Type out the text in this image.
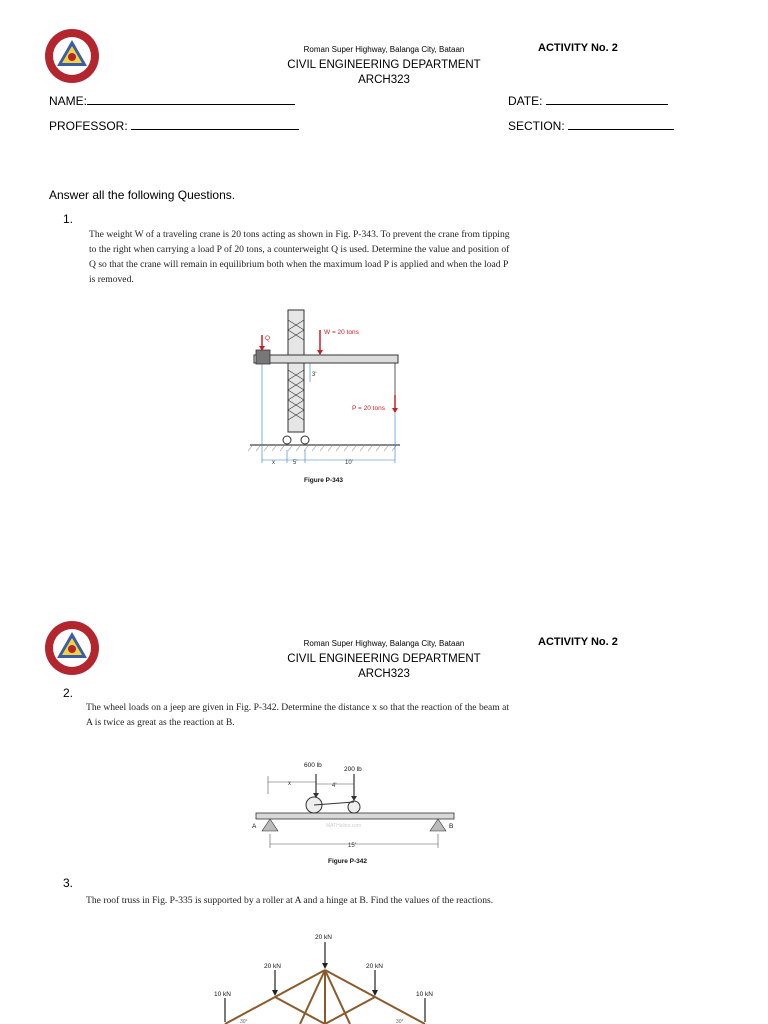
Roman Super Highway, Balanga City, Bataan
CIVIL ENGINEERING DEPARTMENT
ARCH323
ACTIVITY No. 2
NAME:	DATE:
PROFESSOR:	SECTION:
Answer all the following Questions.
1.
The weight W of a traveling crane is 20 tons acting as shown in Fig. P-343. To prevent the crane from tipping
to the right when carrying a load P of 20 tons, a counterweight Q is used. Determine the value and position of
Q so that the crane will remain in equilibrium both when the maximum load P is applied and when the load P
is removed.
Q
W = 20 tons
P = 20 tons
x	5'	10'
3'
Figure P-343
Roman Super Highway, Balanga City, Bataan
CIVIL ENGINEERING DEPARTMENT
ARCH323
ACTIVITY No. 2
2.
The wheel loads on a jeep are given in Fig. P-342. Determine the distance x so that the reaction of the beam at
A is twice as great as the reaction at B.
A	B
600 lb
200 lb
x	4'
15'
MATHalino.com
Figure P-342
3.
The roof truss in Fig. P-335 is supported by a roller at A and a hinge at B. Find the values of the reactions.
20 kN
20 kN	20 kN
10 kN	10 kN
30°	30°
